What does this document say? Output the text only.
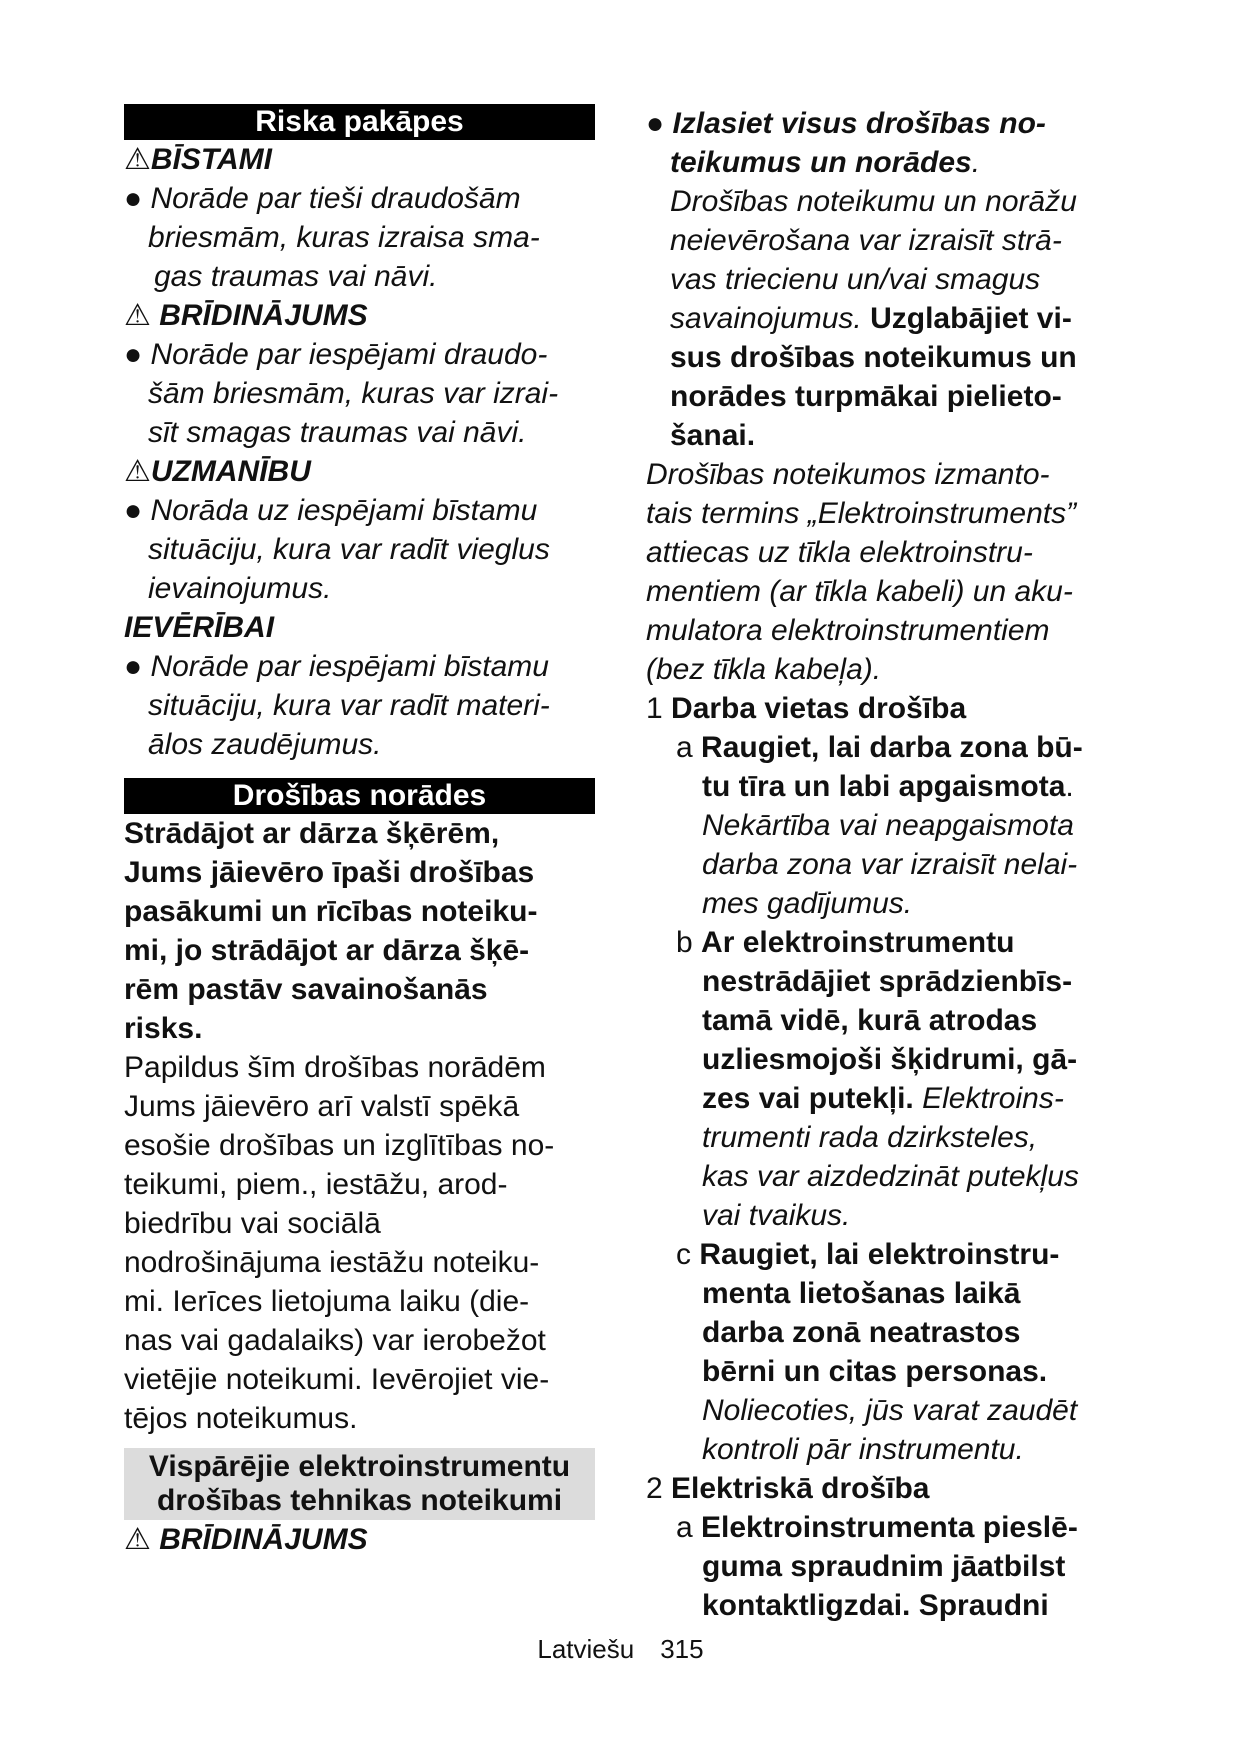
Riska pakāpes
⚠BĪSTAMI
● Norāde par tieši draudošām
briesmām, kuras izraisa sma-
gas traumas vai nāvi.
⚠ BRĪDINĀJUMS
● Norāde par iespējami draudo-
šām briesmām, kuras var izrai-
sīt smagas traumas vai nāvi.
⚠UZMANĪBU
● Norāda uz iespējami bīstamu
situāciju, kura var radīt vieglus
ievainojumus.
IEVĒRĪBAI
● Norāde par iespējami bīstamu
situāciju, kura var radīt materi-
ālos zaudējumus.
Drošības norādes
Strādājot ar dārza šķērēm,
Jums jāievēro īpaši drošības
pasākumi un rīcības noteiku-
mi, jo strādājot ar dārza šķē-
rēm pastāv savainošanās
risks.
Papildus šīm drošības norādēm
Jums jāievēro arī valstī spēkā
esošie drošības un izglītības no-
teikumi, piem., iestāžu, arod-
biedrību vai sociālā
nodrošinājuma iestāžu noteiku-
mi. Ierīces lietojuma laiku (die-
nas vai gadalaiks) var ierobežot
vietējie noteikumi. Ievērojiet vie-
tējos noteikumus.
Vispārējie elektroinstrumentu
drošības tehnikas noteikumi
⚠ BRĪDINĀJUMS
● Izlasiet visus drošības no-
teikumus un norādes.
Drošības noteikumu un norāžu
neievērošana var izraisīt strā-
vas triecienu un/vai smagus
savainojumus. Uzglabājiet vi-
sus drošības noteikumus un
norādes turpmākai pielieto-
šanai.
Drošības noteikumos izmanto-
tais termins „Elektroinstruments”
attiecas uz tīkla elektroinstru-
mentiem (ar tīkla kabeli) un aku-
mulatora elektroinstrumentiem
(bez tīkla kabeļa).
1 Darba vietas drošība
a Raugiet, lai darba zona bū-
tu tīra un labi apgaismota.
Nekārtība vai neapgaismota
darba zona var izraisīt nelai-
mes gadījumus.
b Ar elektroinstrumentu
nestrādājiet sprādzienbīs-
tamā vidē, kurā atrodas
uzliesmojoši šķidrumi, gā-
zes vai putekļi. Elektroins-
trumenti rada dzirksteles,
kas var aizdedzināt putekļus
vai tvaikus.
c Raugiet, lai elektroinstru-
menta lietošanas laikā
darba zonā neatrastos
bērni un citas personas.
Noliecoties, jūs varat zaudēt
kontroli pār instrumentu.
2 Elektriskā drošība
a Elektroinstrumenta pieslē-
guma spraudnim jāatbilst
kontaktligzdai. Spraudni
Latviešu 315
